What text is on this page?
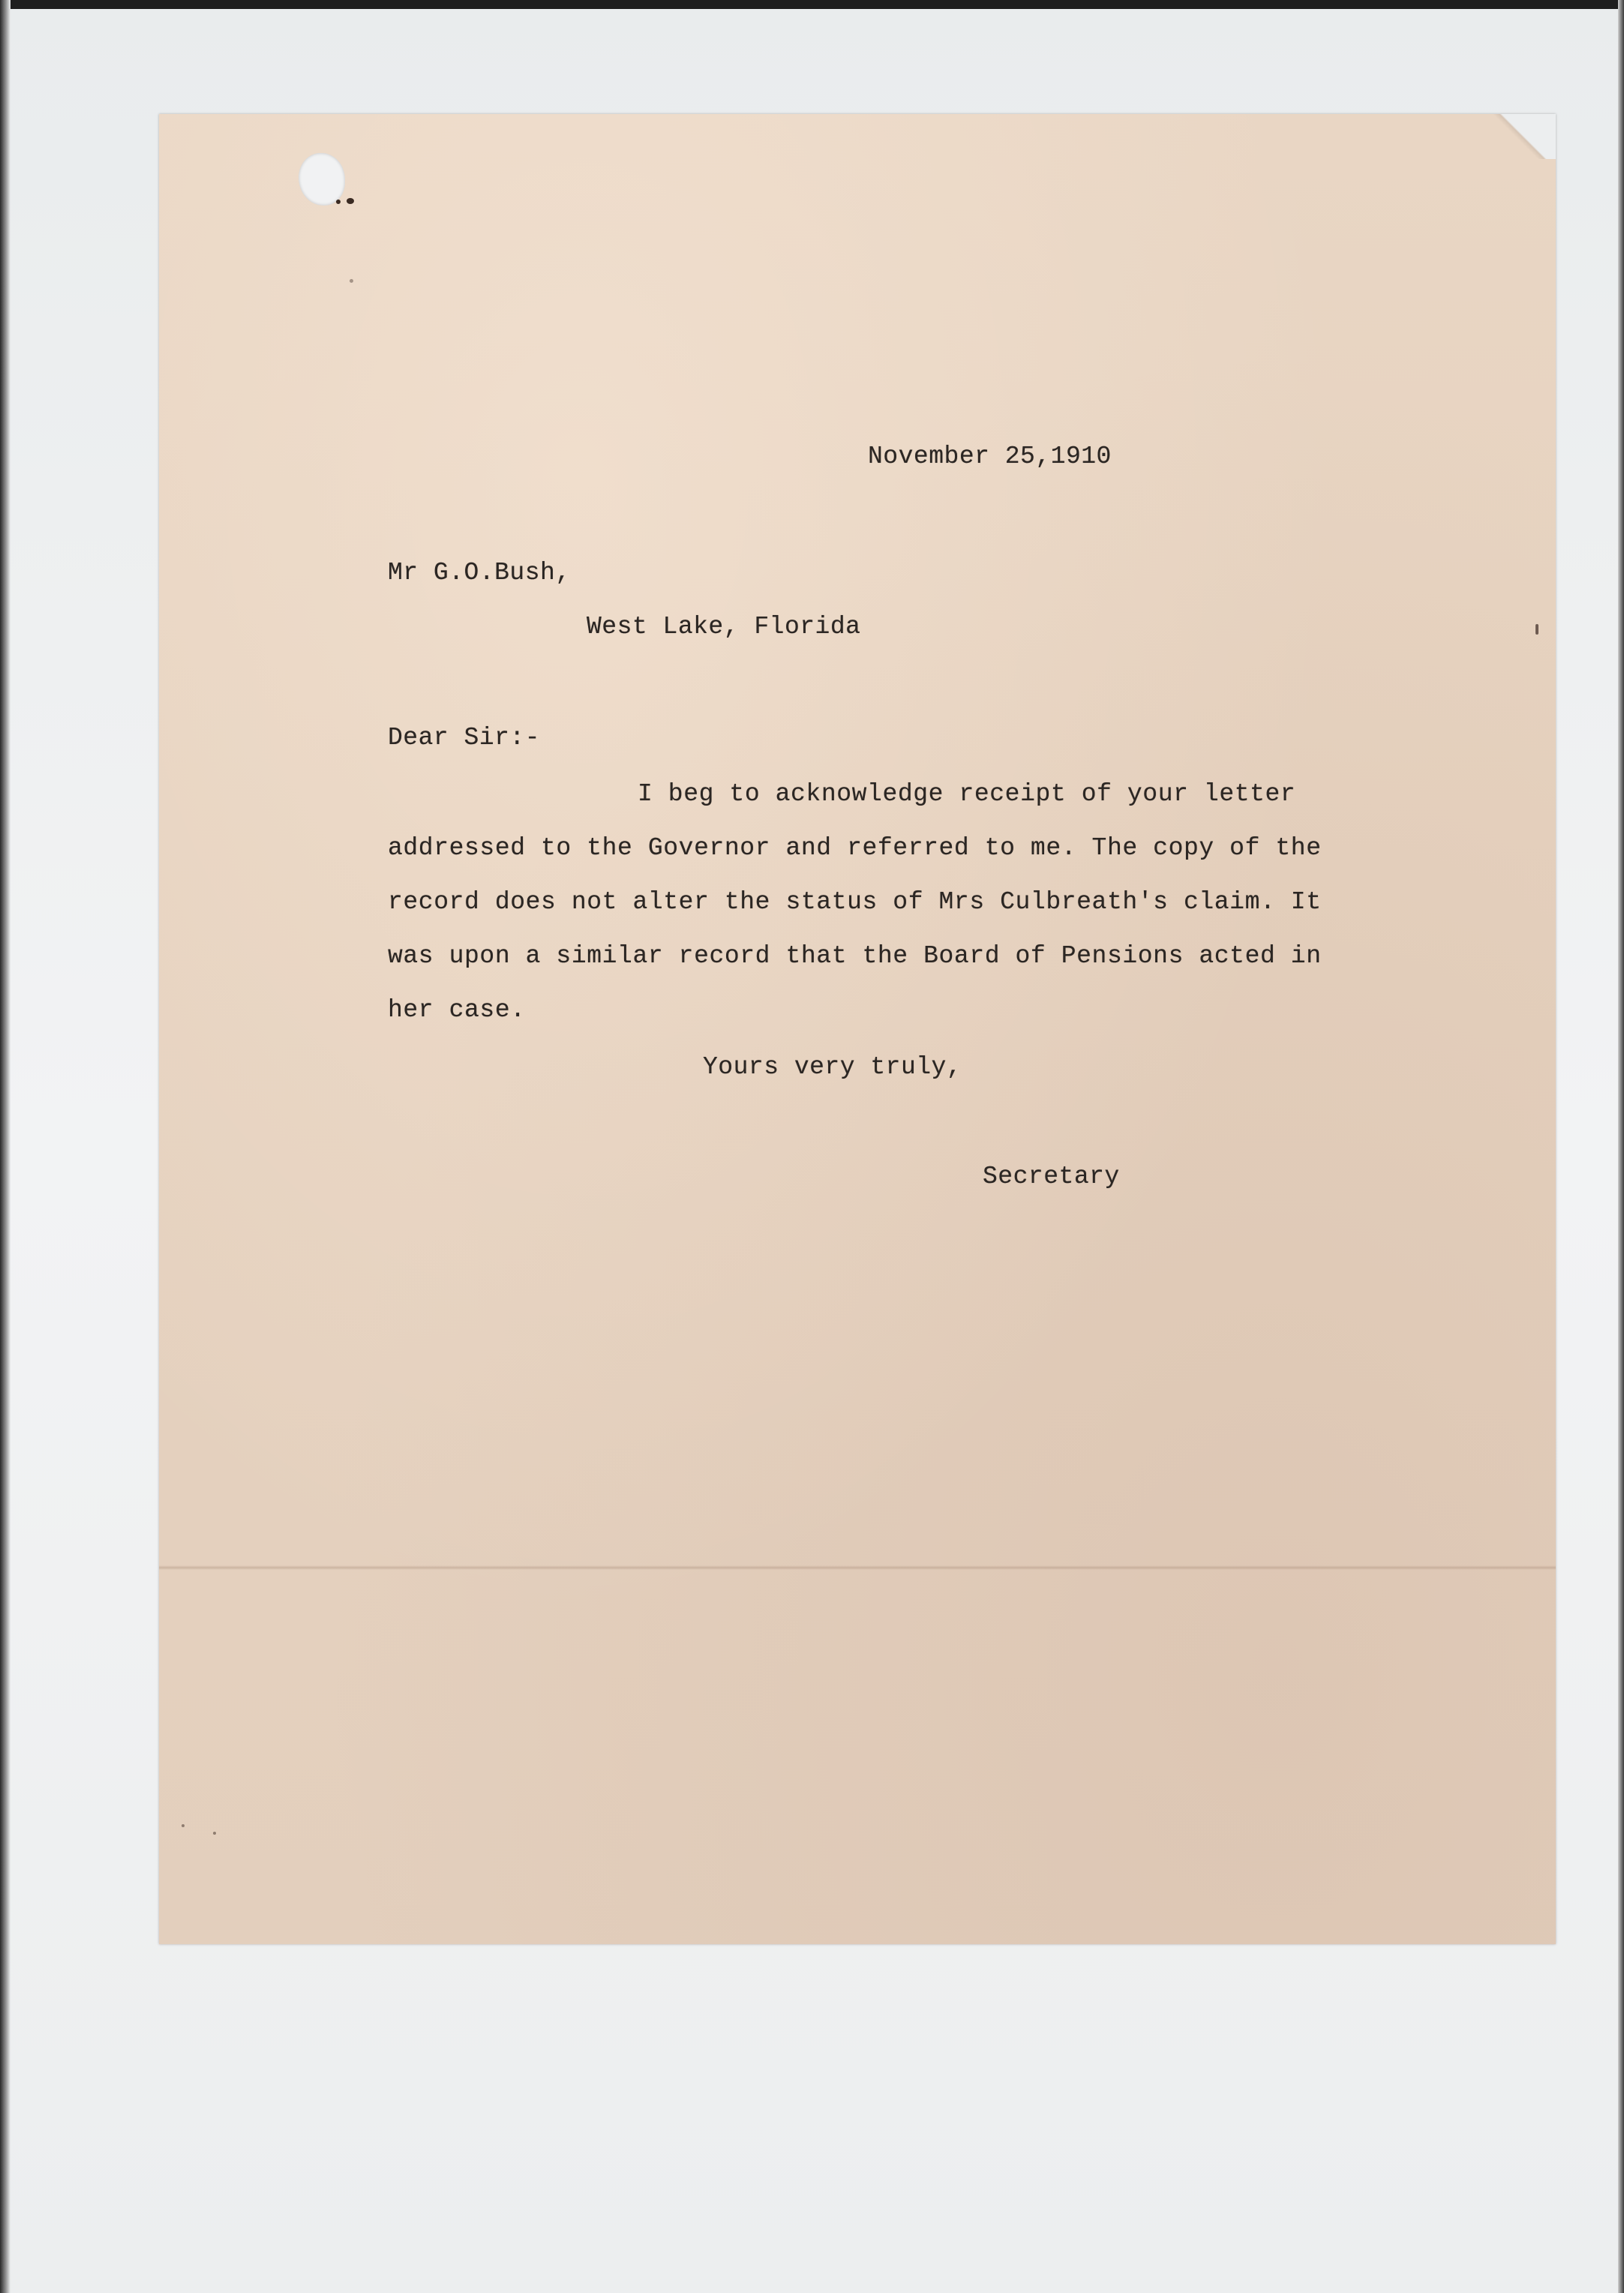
November 25,1910
Mr G.O.Bush,
West Lake, Florida
Dear Sir:-
I beg to acknowledge receipt of your letter
addressed to the Governor and referred to me. The copy of the
record does not alter the status of Mrs Culbreath's claim. It
was upon a similar record that the Board of Pensions acted in
her case.
Yours very truly,
Secretary
